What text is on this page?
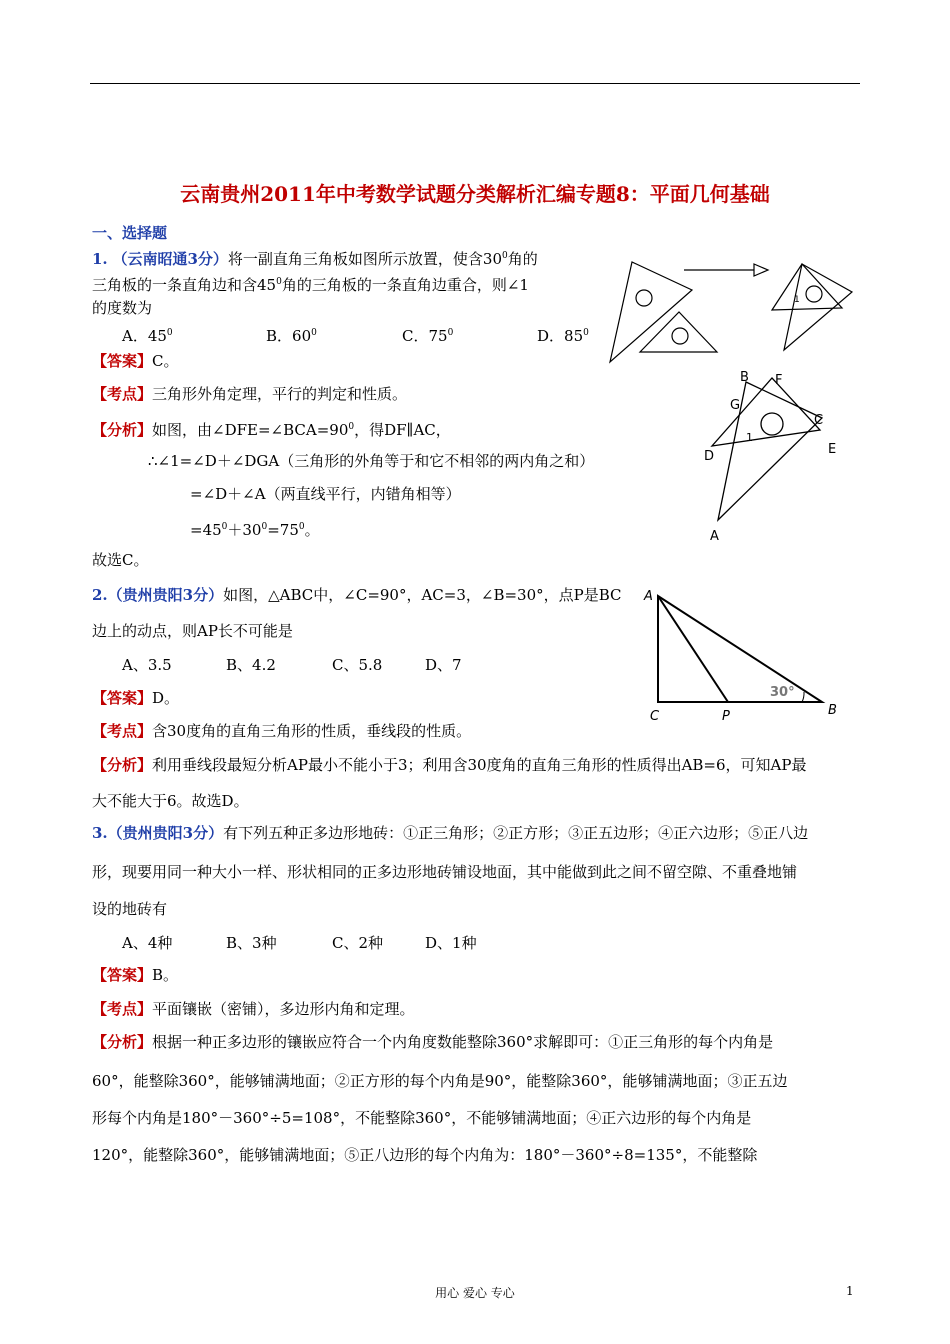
云南贵州2011年中考数学试题分类解析汇编专题8：平面几何基础
一、选择题
1. （云南昭通3分）将一副直角三角板如图所示放置，使含$30^0$角的
三角板的一条直角边和含$45^0$角的三角板的一条直角边重合，则∠1
的度数为
A．$45^0$	B．$60^0$	C．$75^0$	D．$85^0$
【答案】C。
【考点】三角形外角定理，平行的判定和性质。
【分析】如图，由$\angle DFE=\angle BCA=90^0$，得DF∥AC，
∴∠1=∠D＋∠DGA（三角形的外角等于和它不相邻的两内角之和）
=∠D＋∠A（两直线平行，内错角相等）
$=45^0+30^0=75^0$。
故选C。
1
B F
G
C
D	E
A
1
2.（贵州贵阳3分）如图，△ABC中，∠C=90°，AC=3，∠B=30°，点P是BC
边上的动点，则AP长不可能是
A、3.5	B、4.2	C、5.8	D、7
【答案】D。
【考点】含30度角的直角三角形的性质，垂线段的性质。
【分析】利用垂线段最短分析AP最小不能小于3；利用含30度角的直角三角形的性质得出AB=6，可知AP最
大不能大于6。故选D。
A
C	P	B
30°
3.（贵州贵阳3分）有下列五种正多边形地砖：①正三角形；②正方形；③正五边形；④正六边形；⑤正八边
形，现要用同一种大小一样、形状相同的正多边形地砖铺设地面，其中能做到此之间不留空隙、不重叠地铺
设的地砖有
A、4种	B、3种	C、2种	D、1种
【答案】B。
【考点】平面镶嵌（密铺），多边形内角和定理。
【分析】根据一种正多边形的镶嵌应符合一个内角度数能整除360°求解即可：①正三角形的每个内角是
60°，能整除360°，能够铺满地面；②正方形的每个内角是90°，能整除360°，能够铺满地面；③正五边
形每个内角是180°－360°÷5=108°，不能整除360°，不能够铺满地面；④正六边形的每个内角是
120°，能整除360°，能够铺满地面；⑤正八边形的每个内角为：180°－360°÷8=135°，不能整除
用心 爱心 专心	1
